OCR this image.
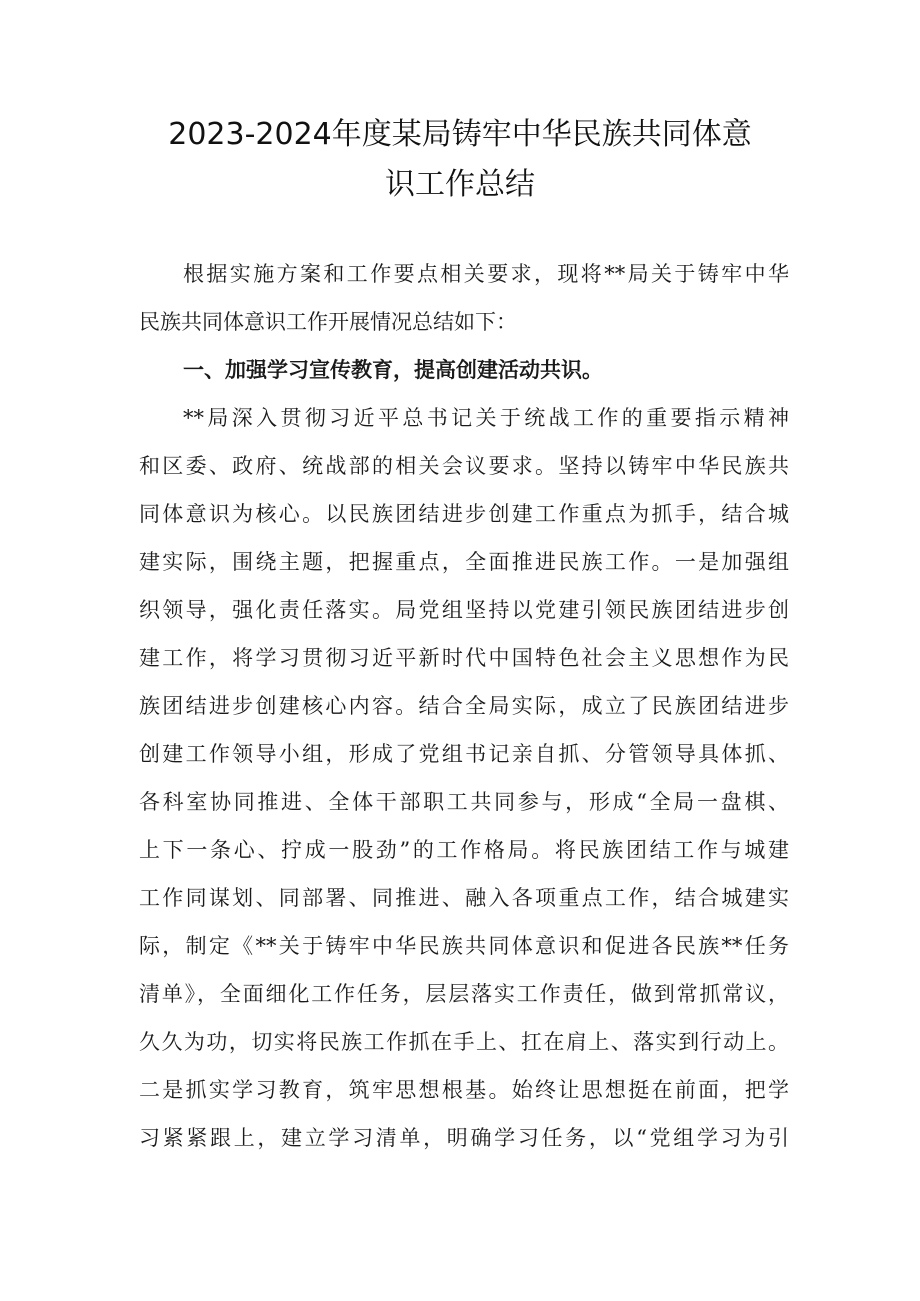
2023-2024年度某局铸牢中华民族共同体意
识工作总结
根据实施方案和工作要点相关要求，现将**局关于铸牢中华
民族共同体意识工作开展情况总结如下：
一、加强学习宣传教育，提高创建活动共识。
**局深入贯彻习近平总书记关于统战工作的重要指示精神
和区委、政府、统战部的相关会议要求。坚持以铸牢中华民族共
同体意识为核心。以民族团结进步创建工作重点为抓手，结合城
建实际，围绕主题，把握重点，全面推进民族工作。一是加强组
织领导，强化责任落实。局党组坚持以党建引领民族团结进步创
建工作，将学习贯彻习近平新时代中国特色社会主义思想作为民
族团结进步创建核心内容。结合全局实际，成立了民族团结进步
创建工作领导小组，形成了党组书记亲自抓、分管领导具体抓、
各科室协同推进、全体干部职工共同参与，形成“全局一盘棋、
上下一条心、拧成一股劲”的工作格局。将民族团结工作与城建
工作同谋划、同部署、同推进、融入各项重点工作，结合城建实
际，制定《**关于铸牢中华民族共同体意识和促进各民族**任务
清单》，全面细化工作任务，层层落实工作责任，做到常抓常议，
久久为功，切实将民族工作抓在手上、扛在肩上、落实到行动上。
二是抓实学习教育，筑牢思想根基。始终让思想挺在前面，把学
习紧紧跟上，建立学习清单，明确学习任务，以“党组学习为引
